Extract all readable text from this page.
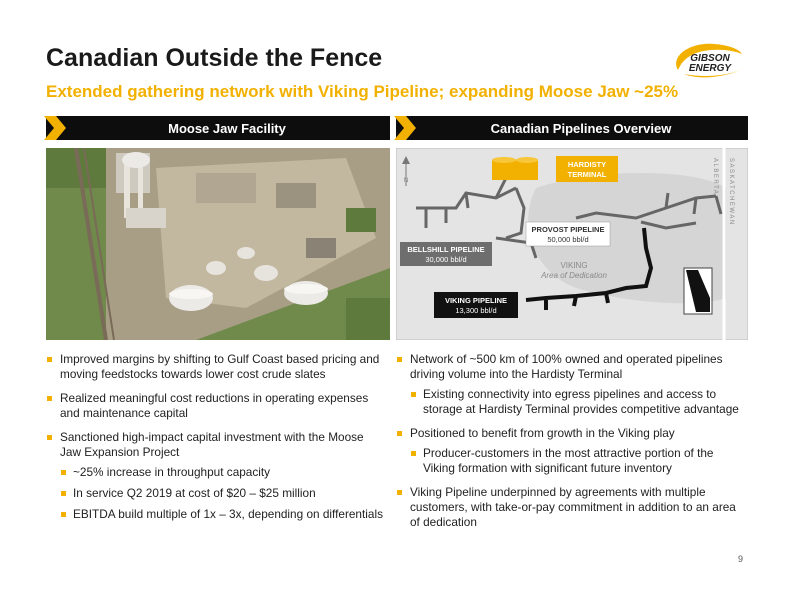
Canadian Outside the Fence
Extended gathering network with Viking Pipeline; expanding Moose Jaw ~25%
GIBSON
ENERGY
Moose Jaw Facility	Canadian Pipelines Overview
N
HARDISTY
TERMINAL
PROVOST PIPELINE
50,000 bbl/d
BELLSHILL PIPELINE
30,000 bbl/d
VIKING
Area of Dedication
VIKING PIPELINE
13,300 bbl/d
ALBERTA SASKATCHEWAN
Improved margins by shifting to Gulf Coast based pricing and moving feedstocks towards lower cost crude slates
Realized meaningful cost reductions in operating expenses and maintenance capital
Sanctioned high-impact capital investment with the Moose Jaw Expansion Project
~25% increase in throughput capacity
In service Q2 2019 at cost of $20 – $25 million
EBITDA build multiple of 1x – 3x, depending on differentials
Network of ~500 km of 100% owned and operated pipelines driving volume into the Hardisty Terminal
Existing connectivity into egress pipelines and access to storage at Hardisty Terminal provides competitive advantage
Positioned to benefit from growth in the Viking play
Producer-customers in the most attractive portion of the Viking formation with significant future inventory
Viking Pipeline underpinned by agreements with multiple customers, with take-or-pay commitment in addition to an area of dedication
9
